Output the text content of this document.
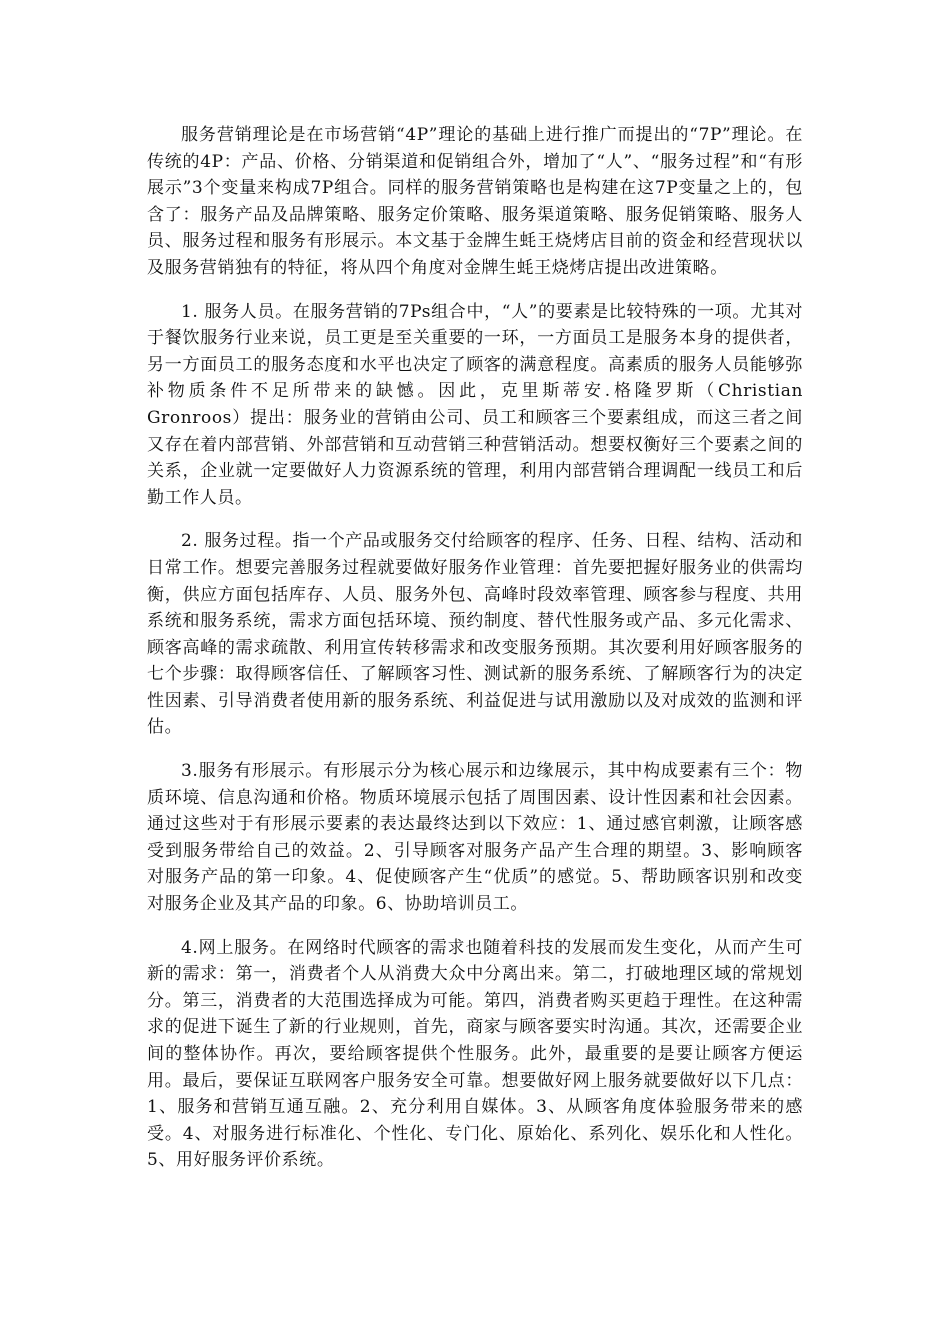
服务营销理论是在市场营销“4P”理论的基础上进行推广而提出的“7P”理论。在传统的4P：产品、价格、分销渠道和促销组合外，增加了“人”、“服务过程”和“有形展示”3个变量来构成7P组合。同样的服务营销策略也是构建在这7P变量之上的，包含了：服务产品及品牌策略、服务定价策略、服务渠道策略、服务促销策略、服务人员、服务过程和服务有形展示。本文基于金牌生蚝王烧烤店目前的资金和经营现状以及服务营销独有的特征，将从四个角度对金牌生蚝王烧烤店提出改进策略。

1. 服务人员。在服务营销的7Ps组合中，“人”的要素是比较特殊的一项。尤其对于餐饮服务行业来说，员工更是至关重要的一环，一方面员工是服务本身的提供者，另一方面员工的服务态度和水平也决定了顾客的满意程度。高素质的服务人员能够弥补物质条件不足所带来的缺憾。因此，克里斯蒂安.格隆罗斯（Christian Gronroos）提出：服务业的营销由公司、员工和顾客三个要素组成，而这三者之间又存在着内部营销、外部营销和互动营销三种营销活动。想要权衡好三个要素之间的关系，企业就一定要做好人力资源系统的管理，利用内部营销合理调配一线员工和后勤工作人员。

2. 服务过程。指一个产品或服务交付给顾客的程序、任务、日程、结构、活动和日常工作。想要完善服务过程就要做好服务作业管理：首先要把握好服务业的供需均衡，供应方面包括库存、人员、服务外包、高峰时段效率管理、顾客参与程度、共用系统和服务系统，需求方面包括环境、预约制度、替代性服务或产品、多元化需求、顾客高峰的需求疏散、利用宣传转移需求和改变服务预期。其次要利用好顾客服务的七个步骤：取得顾客信任、了解顾客习性、测试新的服务系统、了解顾客行为的决定性因素、引导消费者使用新的服务系统、利益促进与试用激励以及对成效的监测和评估。

3.服务有形展示。有形展示分为核心展示和边缘展示，其中构成要素有三个：物质环境、信息沟通和价格。物质环境展示包括了周围因素、设计性因素和社会因素。通过这些对于有形展示要素的表达最终达到以下效应：1、通过感官刺激，让顾客感受到服务带给自己的效益。2、引导顾客对服务产品产生合理的期望。3、影响顾客对服务产品的第一印象。4、促使顾客产生“优质”的感觉。5、帮助顾客识别和改变对服务企业及其产品的印象。6、协助培训员工。

4.网上服务。在网络时代顾客的需求也随着科技的发展而发生变化，从而产生可新的需求：第一，消费者个人从消费大众中分离出来。第二，打破地理区域的常规划分。第三，消费者的大范围选择成为可能。第四，消费者购买更趋于理性。在这种需求的促进下诞生了新的行业规则，首先，商家与顾客要实时沟通。其次，还需要企业间的整体协作。再次，要给顾客提供个性服务。此外，最重要的是要让顾客方便运用。最后，要保证互联网客户服务安全可靠。想要做好网上服务就要做好以下几点：1、服务和营销互通互融。2、充分利用自媒体。3、从顾客角度体验服务带来的感受。4、对服务进行标准化、个性化、专门化、原始化、系列化、娱乐化和人性化。5、用好服务评价系统。
